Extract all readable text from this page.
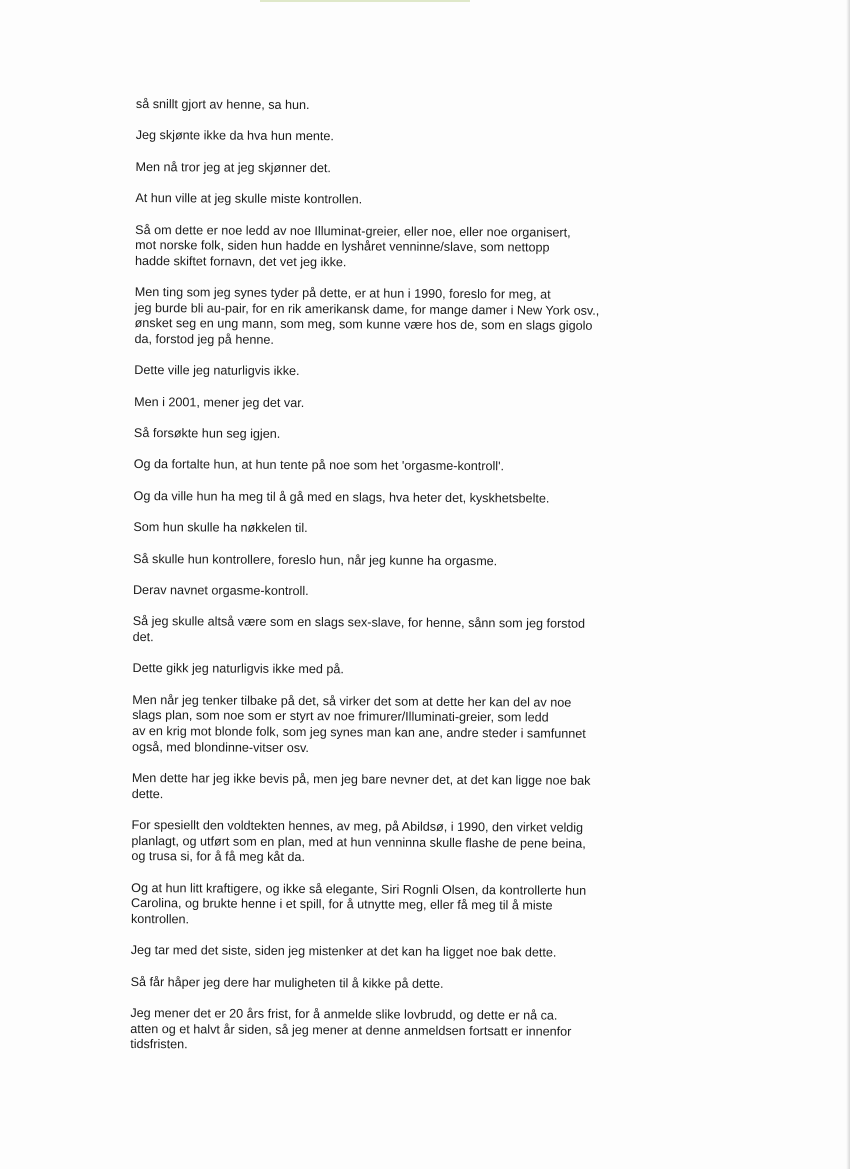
så snillt gjort av henne, sa hun.

Jeg skjønte ikke da hva hun mente.

Men nå tror jeg at jeg skjønner det.

At hun ville at jeg skulle miste kontrollen.

Så om dette er noe ledd av noe Illuminat-greier, eller noe, eller noe organisert,
mot norske folk, siden hun hadde en lyshåret venninne/slave, som nettopp
hadde skiftet fornavn, det vet jeg ikke.

Men ting som jeg synes tyder på dette, er at hun i 1990, foreslo for meg, at
jeg burde bli au-pair, for en rik amerikansk dame, for mange damer i New York osv.,
ønsket seg en ung mann, som meg, som kunne være hos de, som en slags gigolo
da, forstod jeg på henne.

Dette ville jeg naturligvis ikke.

Men i 2001, mener jeg det var.

Så forsøkte hun seg igjen.

Og da fortalte hun, at hun tente på noe som het 'orgasme-kontroll'.

Og da ville hun ha meg til å gå med en slags, hva heter det, kyskhetsbelte.

Som hun skulle ha nøkkelen til.

Så skulle hun kontrollere, foreslo hun, når jeg kunne ha orgasme.

Derav navnet orgasme-kontroll.

Så jeg skulle altså være som en slags sex-slave, for henne, sånn som jeg forstod
det.

Dette gikk jeg naturligvis ikke med på.

Men når jeg tenker tilbake på det, så virker det som at dette her kan del av noe
slags plan, som noe som er styrt av noe frimurer/Illuminati-greier, som ledd
av en krig mot blonde folk, som jeg synes man kan ane, andre steder i samfunnet
også, med blondinne-vitser osv.

Men dette har jeg ikke bevis på, men jeg bare nevner det, at det kan ligge noe bak
dette.

For spesiellt den voldtekten hennes, av meg, på Abildsø, i 1990, den virket veldig
planlagt, og utført som en plan, med at hun venninna skulle flashe de pene beina,
og trusa si, for å få meg kåt da.

Og at hun litt kraftigere, og ikke så elegante, Siri Rognli Olsen, da kontrollerte hun
Carolina, og brukte henne i et spill, for å utnytte meg, eller få meg til å miste
kontrollen.

Jeg tar med det siste, siden jeg mistenker at det kan ha ligget noe bak dette.

Så får håper jeg dere har muligheten til å kikke på dette.

Jeg mener det er 20 års frist, for å anmelde slike lovbrudd, og dette er nå ca.
atten og et halvt år siden, så jeg mener at denne anmeldsen fortsatt er innenfor
tidsfristen.
